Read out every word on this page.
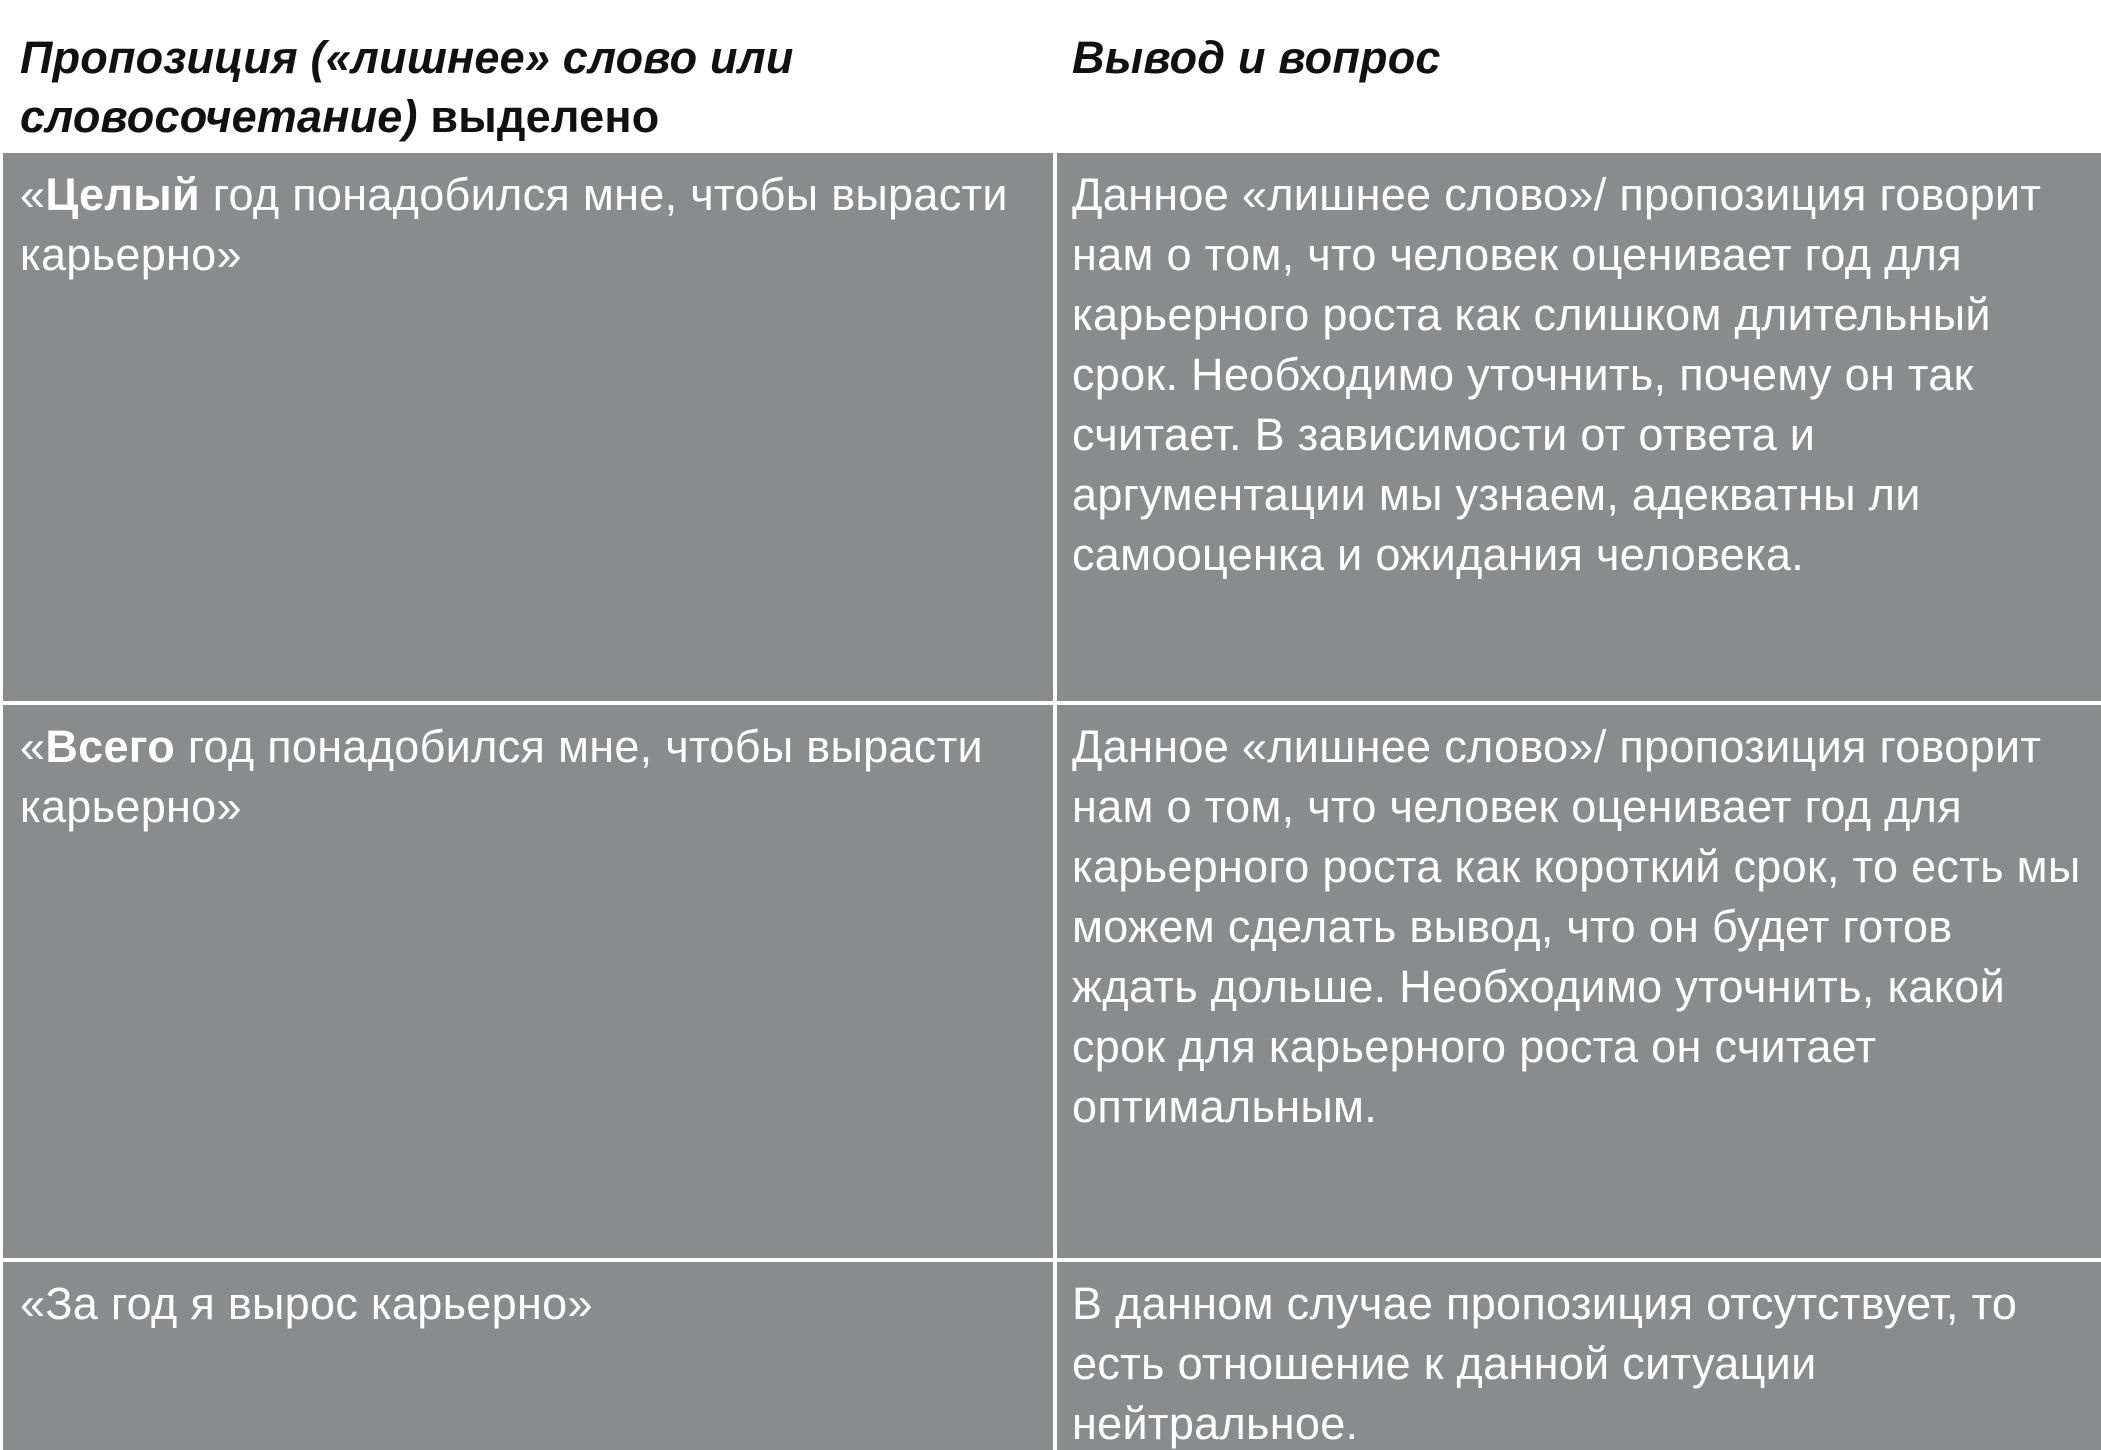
Пропозиция («лишнее» слово или словосочетание) выделено
Вывод и вопрос
«Целый год понадобился мне, чтобы вырасти карьерно»
Данное «лишнее слово»/ пропозиция говорит нам о том, что человек оценивает год для карьерного роста как слишком длительный срок. Необходимо уточнить, почему он так считает. В зависимости от ответа и аргументации мы узнаем, адекватны ли самооценка и ожидания человека.
«Всего год понадобился мне, чтобы вырасти карьерно»
Данное «лишнее слово»/ пропозиция говорит нам о том, что человек оценивает год для карьерного роста как короткий срок, то есть мы можем сделать вывод, что он будет готов ждать дольше. Необходимо уточнить, какой срок для карьерного роста он считает оптимальным.
«За год я вырос карьерно»	В данном случае пропозиция отсутствует, то есть отношение к данной ситуации нейтральное.
